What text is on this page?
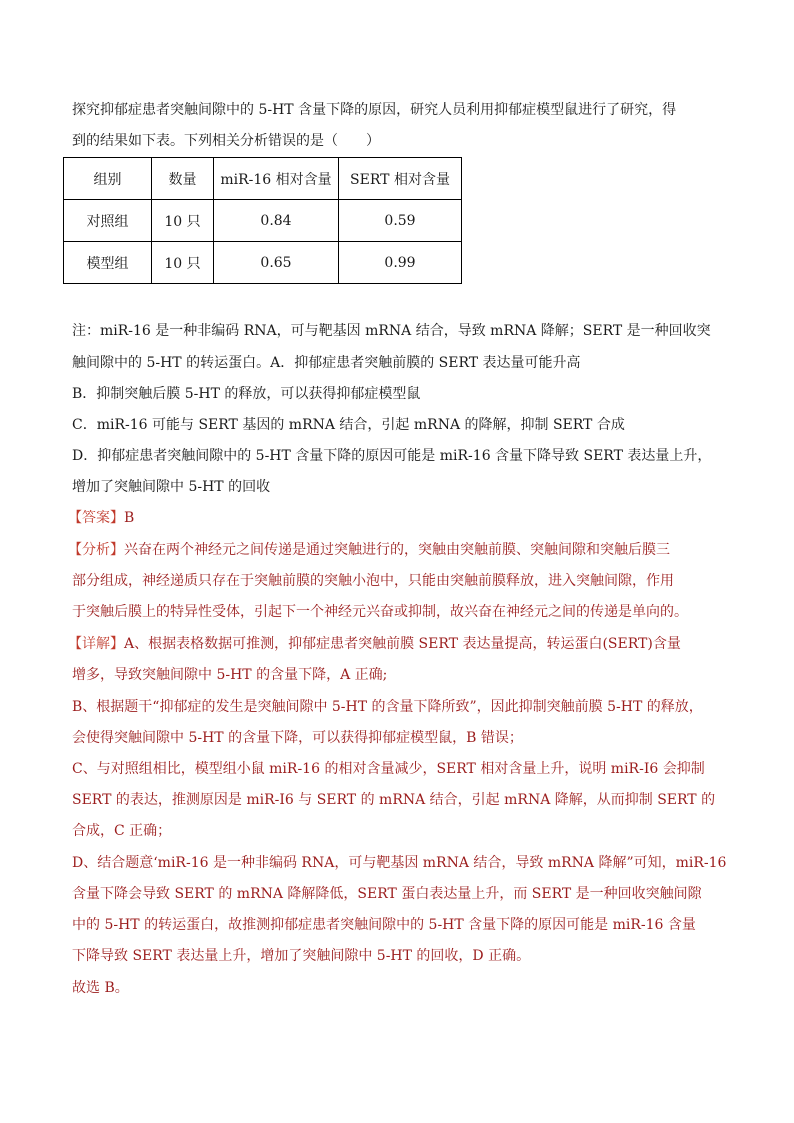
探究抑郁症患者突触间隙中的 5-HT 含量下降的原因，研究人员利用抑郁症模型鼠进行了研究，得
到的结果如下表。下列相关分析错误的是（　　）
组别	数量	miR-16 相对含量	SERT 相对含量
对照组	10 只	0.84	0.59
模型组	10 只	0.65	0.99
注：miR-16 是一种非编码 RNA，可与靶基因 mRNA 结合，导致 mRNA 降解；SERT 是一种回收突
触间隙中的 5-HT 的转运蛋白。A．抑郁症患者突触前膜的 SERT 表达量可能升高
B．抑制突触后膜 5-HT 的释放，可以获得抑郁症模型鼠
C．miR-16 可能与 SERT 基因的 mRNA 结合，引起 mRNA 的降解，抑制 SERT 合成
D．抑郁症患者突触间隙中的 5-HT 含量下降的原因可能是 miR-16 含量下降导致 SERT 表达量上升，
增加了突触间隙中 5-HT 的回收
【答案】B
【分析】兴奋在两个神经元之间传递是通过突触进行的，突触由突触前膜、突触间隙和突触后膜三
部分组成，神经递质只存在于突触前膜的突触小泡中，只能由突触前膜释放，进入突触间隙，作用
于突触后膜上的特异性受体，引起下一个神经元兴奋或抑制，故兴奋在神经元之间的传递是单向的。
【详解】A、根据表格数据可推测，抑郁症患者突触前膜 SERT 表达量提高，转运蛋白(SERT)含量
增多，导致突触间隙中 5-HT 的含量下降，A 正确;
B、根据题干“抑郁症的发生是突触间隙中 5-HT 的含量下降所致”，因此抑制突触前膜 5-HT 的释放，
会使得突触间隙中 5-HT 的含量下降，可以获得抑郁症模型鼠，B 错误；
C、与对照组相比，模型组小鼠 miR-16 的相对含量减少，SERT 相对含量上升，说明 miR-I6 会抑制
SERT 的表达，推测原因是 miR-I6 与 SERT 的 mRNA 结合，引起 mRNA 降解，从而抑制 SERT 的
合成，C 正确；
D、结合题意‘miR-16 是一种非编码 RNA，可与靶基因 mRNA 结合，导致 mRNA 降解”可知，miR-16
含量下降会导致 SERT 的 mRNA 降解降低，SERT 蛋白表达量上升，而 SERT 是一种回收突触间隙
中的 5-HT 的转运蛋白，故推测抑郁症患者突触间隙中的 5-HT 含量下降的原因可能是 miR-16 含量
下降导致 SERT 表达量上升，增加了突触间隙中 5-HT 的回收，D 正确。
故选 B。
